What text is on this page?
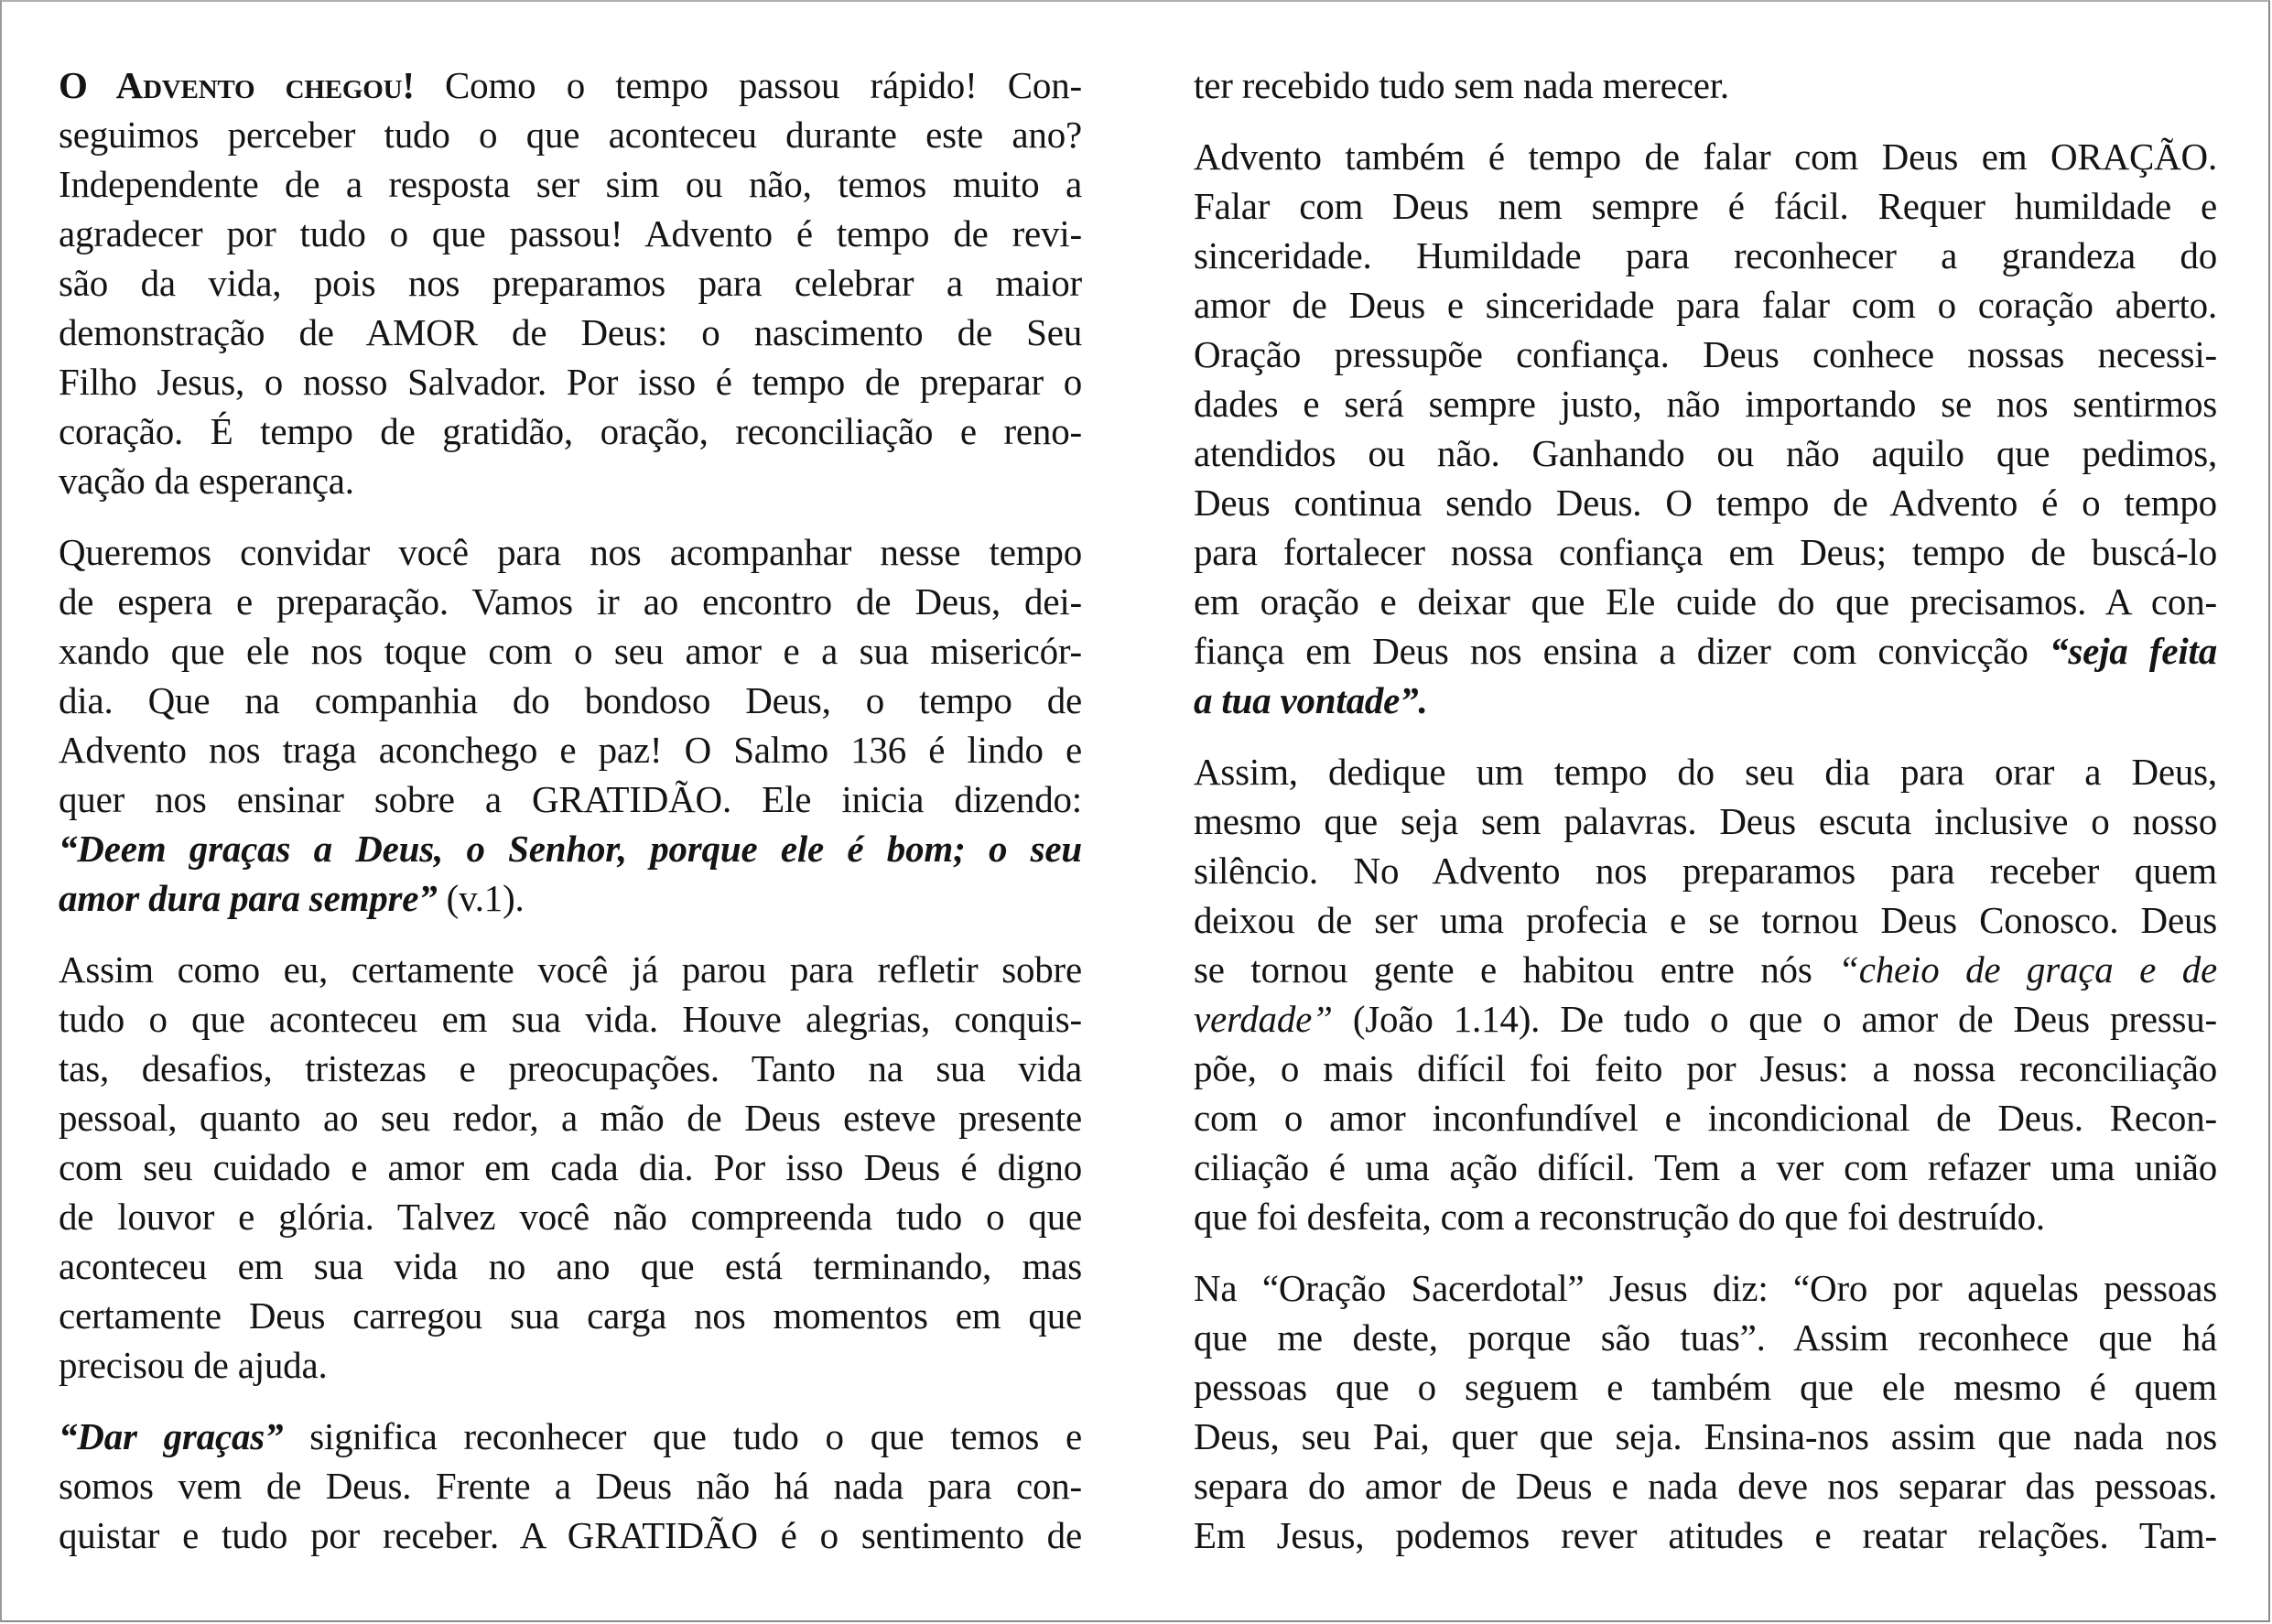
O Advento chegou! Como o tempo passou rápido! Con-
seguimos perceber tudo o que aconteceu durante este ano?
Independente de a resposta ser sim ou não, temos muito a
agradecer por tudo o que passou! Advento é tempo de revi-
são da vida, pois nos preparamos para celebrar a maior
demonstração de AMOR de Deus: o nascimento de Seu
Filho Jesus, o nosso Salvador. Por isso é tempo de preparar o
coração. É tempo de gratidão, oração, reconciliação e reno-
vação da esperança.
Queremos convidar você para nos acompanhar nesse tempo
de espera e preparação. Vamos ir ao encontro de Deus, dei-
xando que ele nos toque com o seu amor e a sua misericór-
dia. Que na companhia do bondoso Deus, o tempo de
Advento nos traga aconchego e paz! O Salmo 136 é lindo e
quer nos ensinar sobre a GRATIDÃO. Ele inicia dizendo:
“Deem graças a Deus, o Senhor, porque ele é bom; o seu
amor dura para sempre” (v.1).
Assim como eu, certamente você já parou para refletir sobre
tudo o que aconteceu em sua vida. Houve alegrias, conquis-
tas, desafios, tristezas e preocupações. Tanto na sua vida
pessoal, quanto ao seu redor, a mão de Deus esteve presente
com seu cuidado e amor em cada dia. Por isso Deus é digno
de louvor e glória. Talvez você não compreenda tudo o que
aconteceu em sua vida no ano que está terminando, mas
certamente Deus carregou sua carga nos momentos em que
precisou de ajuda.
“Dar graças” significa reconhecer que tudo o que temos e
somos vem de Deus. Frente a Deus não há nada para con-
quistar e tudo por receber. A GRATIDÃO é o sentimento de
ter recebido tudo sem nada merecer.
Advento também é tempo de falar com Deus em ORAÇÃO.
Falar com Deus nem sempre é fácil. Requer humildade e
sinceridade. Humildade para reconhecer a grandeza do
amor de Deus e sinceridade para falar com o coração aberto.
Oração pressupõe confiança. Deus conhece nossas necessi-
dades e será sempre justo, não importando se nos sentirmos
atendidos ou não. Ganhando ou não aquilo que pedimos,
Deus continua sendo Deus. O tempo de Advento é o tempo
para fortalecer nossa confiança em Deus; tempo de buscá-lo
em oração e deixar que Ele cuide do que precisamos. A con-
fiança em Deus nos ensina a dizer com convicção “seja feita
a tua vontade”.
Assim, dedique um tempo do seu dia para orar a Deus,
mesmo que seja sem palavras. Deus escuta inclusive o nosso
silêncio. No Advento nos preparamos para receber quem
deixou de ser uma profecia e se tornou Deus Conosco. Deus
se tornou gente e habitou entre nós “cheio de graça e de
verdade” (João 1.14). De tudo o que o amor de Deus pressu-
põe, o mais difícil foi feito por Jesus: a nossa reconciliação
com o amor inconfundível e incondicional de Deus. Recon-
ciliação é uma ação difícil. Tem a ver com refazer uma união
que foi desfeita, com a reconstrução do que foi destruído.
Na “Oração Sacerdotal” Jesus diz: “Oro por aquelas pessoas
que me deste, porque são tuas”. Assim reconhece que há
pessoas que o seguem e também que ele mesmo é quem
Deus, seu Pai, quer que seja. Ensina-nos assim que nada nos
separa do amor de Deus e nada deve nos separar das pessoas.
Em Jesus, podemos rever atitudes e reatar relações. Tam-
